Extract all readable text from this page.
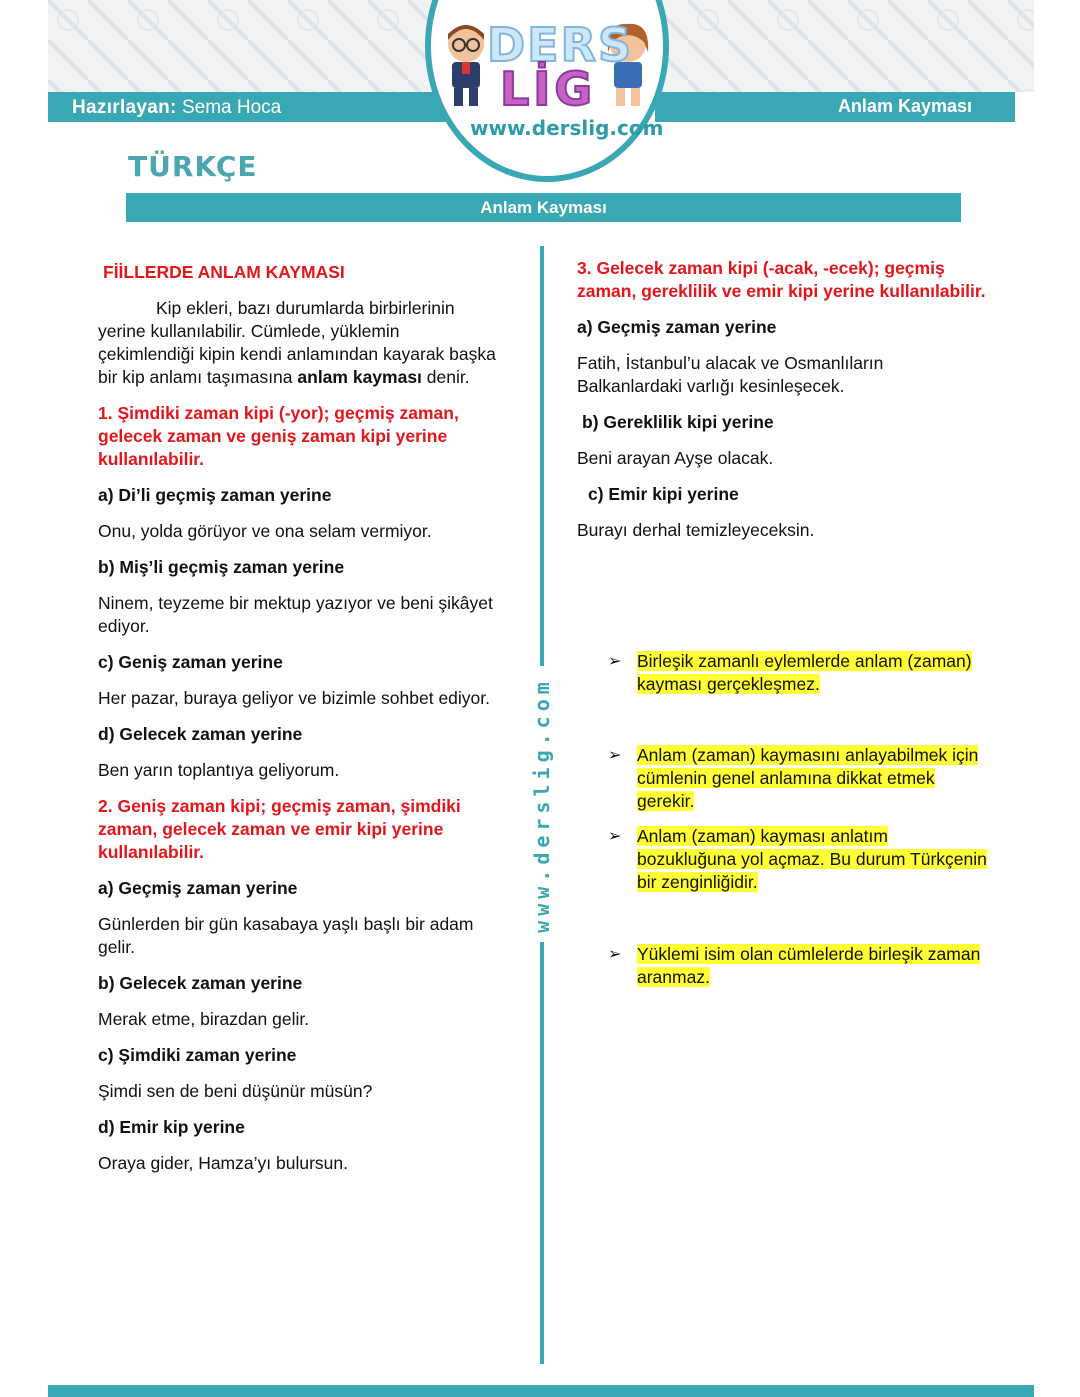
Hazırlayan: Sema Hoca	Anlam Kayması
DERS
LİG
www.derslig.com
TÜRKÇE
Anlam Kayması

FİİLLERDE ANLAM KAYMASI

Kip ekleri, bazı durumlarda birbirlerinin yerine kullanılabilir. Cümlede, yüklemin çekimlendiği kipin kendi anlamından kayarak başka bir kip anlamı taşımasına anlam kayması denir.

1. Şimdiki zaman kipi (-yor); geçmiş zaman, gelecek zaman ve geniş zaman kipi yerine kullanılabilir.

a) Di’li geçmiş zaman yerine

Onu, yolda görüyor ve ona selam vermiyor.

b) Miş’li geçmiş zaman yerine

Ninem, teyzeme bir mektup yazıyor ve beni şikâyet ediyor.

c) Geniş zaman yerine

Her pazar, buraya geliyor ve bizimle sohbet ediyor.

d) Gelecek zaman yerine

Ben yarın toplantıya geliyorum.

2. Geniş zaman kipi; geçmiş zaman, şimdiki zaman, gelecek zaman ve emir kipi yerine kullanılabilir.

a) Geçmiş zaman yerine

Günlerden bir gün kasabaya yaşlı başlı bir adam gelir.

b) Gelecek zaman yerine

Merak etme, birazdan gelir.

c) Şimdiki zaman yerine

Şimdi sen de beni düşünür müsün?

d) Emir kip yerine

Oraya gider, Hamza’yı bulursun.

www.derslig.com

3. Gelecek zaman kipi (-acak, -ecek); geçmiş zaman, gereklilik ve emir kipi yerine kullanılabilir.

a) Geçmiş zaman yerine

Fatih, İstanbul’u alacak ve Osmanlıların Balkanlardaki varlığı kesinleşecek.

b) Gereklilik kipi yerine

Beni arayan Ayşe olacak.

c) Emir kipi yerine

Burayı derhal temizleyeceksin.

➢ Birleşik zamanlı eylemlerde anlam (zaman) kayması gerçekleşmez.
➢ Anlam (zaman) kaymasını anlayabilmek için cümlenin genel anlamına dikkat etmek gerekir.
➢ Anlam (zaman) kayması anlatım bozukluğuna yol açmaz. Bu durum Türkçenin bir zenginliğidir.
➢ Yüklemi isim olan cümlelerde birleşik zaman aranmaz.
